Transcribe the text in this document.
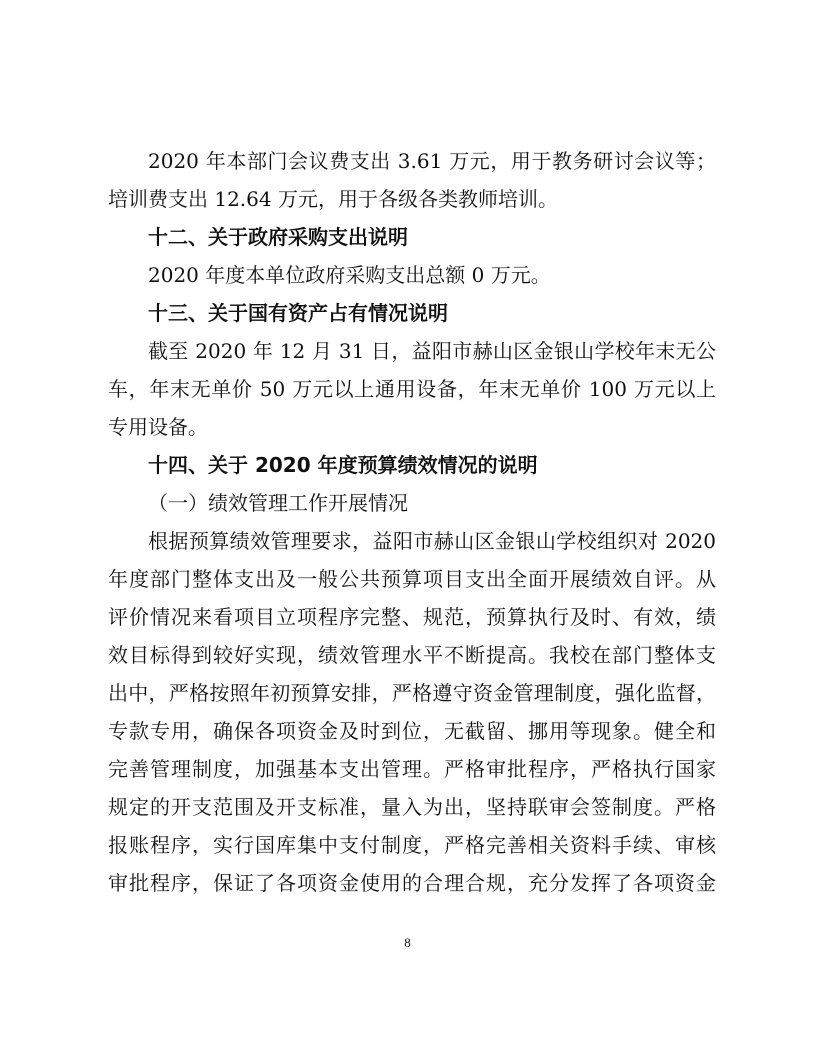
2020 年本部门会议费支出 3.61 万元，用于教务研讨会议等；
培训费支出 12.64 万元，用于各级各类教师培训。
十二、关于政府采购支出说明
2020 年度本单位政府采购支出总额 0 万元。
十三、关于国有资产占有情况说明
截至 2020 年 12 月 31 日，益阳市赫山区金银山学校年末无公
车，年末无单价 50 万元以上通用设备，年末无单价 100 万元以上
专用设备。
十四、关于 2020 年度预算绩效情况的说明
（一）绩效管理工作开展情况
根据预算绩效管理要求，益阳市赫山区金银山学校组织对 2020
年度部门整体支出及一般公共预算项目支出全面开展绩效自评。从
评价情况来看项目立项程序完整、规范，预算执行及时、有效，绩
效目标得到较好实现，绩效管理水平不断提高。我校在部门整体支
出中，严格按照年初预算安排，严格遵守资金管理制度，强化监督，
专款专用，确保各项资金及时到位，无截留、挪用等现象。健全和
完善管理制度，加强基本支出管理。严格审批程序，严格执行国家
规定的开支范围及开支标准，量入为出，坚持联审会签制度。严格
报账程序，实行国库集中支付制度，严格完善相关资料手续、审核
审批程序，保证了各项资金使用的合理合规，充分发挥了各项资金
8
